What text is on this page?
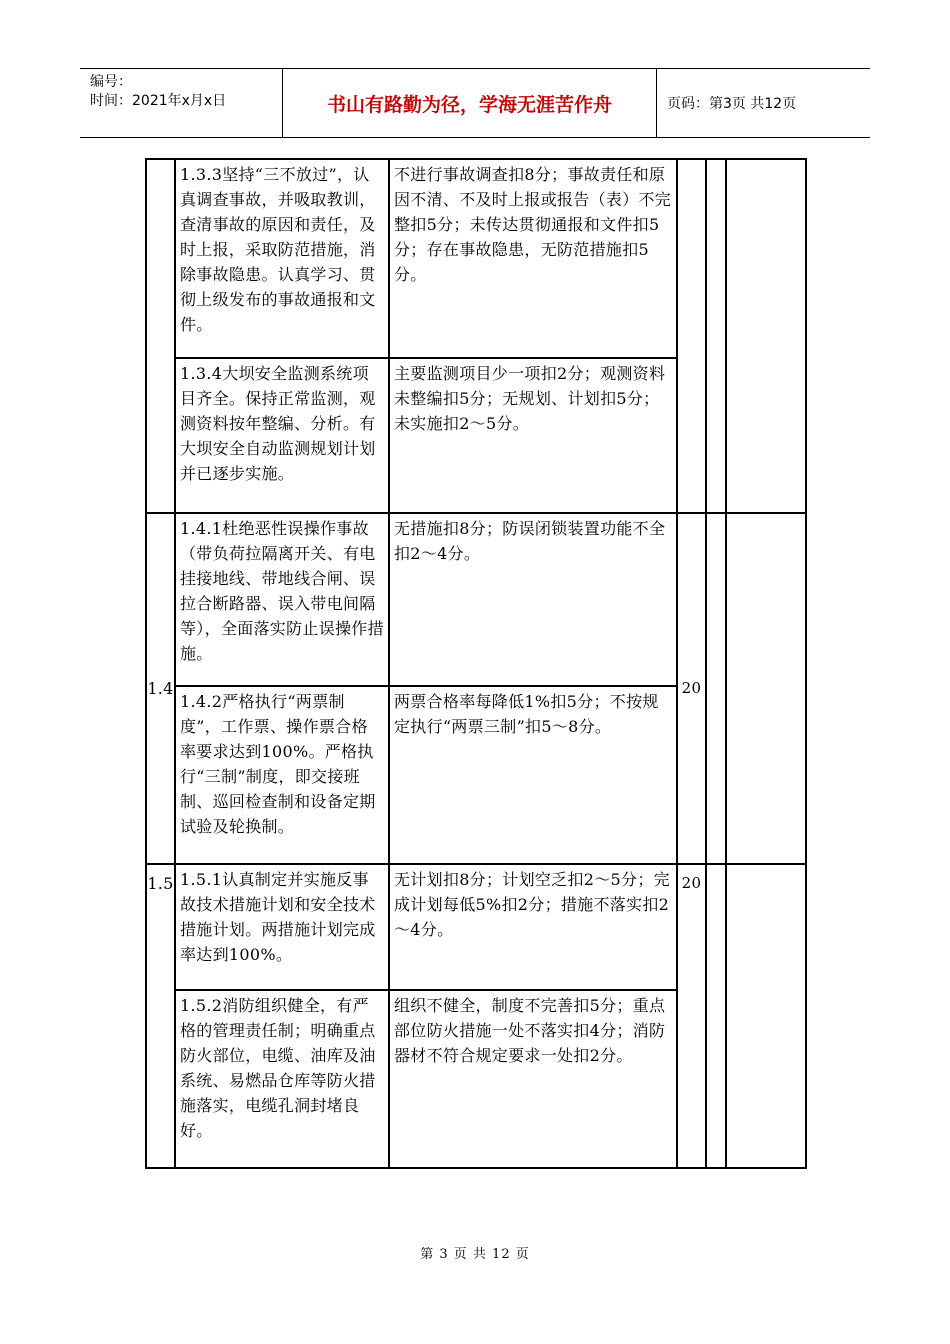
编号：
时间：2021年x月x日	书山有路勤为径，学海无涯苦作舟	页码：第3页 共12页
	1.3.3坚持“三不放过”，认真调查事故，并吸取教训，查清事故的原因和责任，及时上报，采取防范措施，消除事故隐患。认真学习、贯彻上级发布的事故通报和文件。	不进行事故调查扣8分；事故责任和原因不清、不及时上报或报告（表）不完整扣5分；未传达贯彻通报和文件扣5分；存在事故隐患，无防范措施扣5分。			
	1.3.4大坝安全监测系统项目齐全。保持正常监测，观测资料按年整编、分析。有大坝安全自动监测规划计划并已逐步实施。	主要监测项目少一项扣2分；观测资料未整编扣5分；无规划、计划扣5分；未实施扣2～5分。			
1.4	1.4.1杜绝恶性误操作事故（带负荷拉隔离开关、有电挂接地线、带地线合闸、误拉合断路器、误入带电间隔等），全面落实防止误操作措施。	无措施扣8分；防误闭锁装置功能不全扣2～4分。	20		
	1.4.2严格执行“两票制度”，工作票、操作票合格率要求达到100%。严格执行“三制”制度，即交接班制、巡回检查制和设备定期试验及轮换制。	两票合格率每降低1%扣5分；不按规定执行“两票三制”扣5～8分。			
1.5	1.5.1认真制定并实施反事故技术措施计划和安全技术措施计划。两措施计划完成率达到100%。	无计划扣8分；计划空乏扣2～5分；完成计划每低5%扣2分；措施不落实扣2～4分。	20		
	1.5.2消防组织健全，有严格的管理责任制；明确重点防火部位，电缆、油库及油系统、易燃品仓库等防火措施落实，电缆孔洞封堵良好。	组织不健全，制度不完善扣5分；重点部位防火措施一处不落实扣4分；消防器材不符合规定要求一处扣2分。			
第 3 页 共 12 页
